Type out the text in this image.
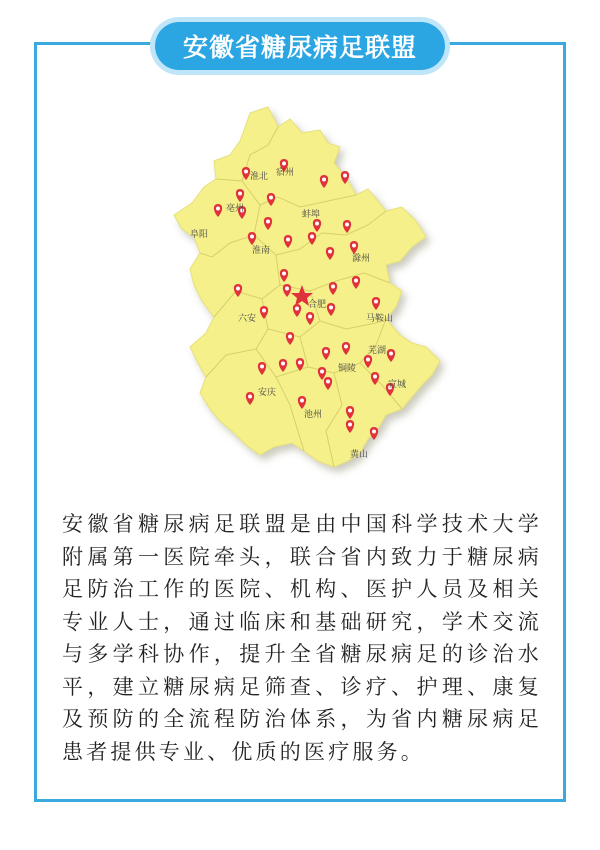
安徽省糖尿病足联盟
宿州
淮北
亳州
阜阳
蚌埠
淮南
滁州
合肥
六安	马鞍山
芜湖
铜陵
宣城
安庆
池州
黄山
安徽省糖尿病足联盟是由中国科学技术大学附属第一医院牵头，联合省内致力于糖尿病足防治工作的医院、机构、医护人员及相关专业人士，通过临床和基础研究，学术交流与多学科协作，提升全省糖尿病足的诊治水平，建立糖尿病足筛查、诊疗、护理、康复及预防的全流程防治体系，为省内糖尿病足患者提供专业、优质的医疗服务。
